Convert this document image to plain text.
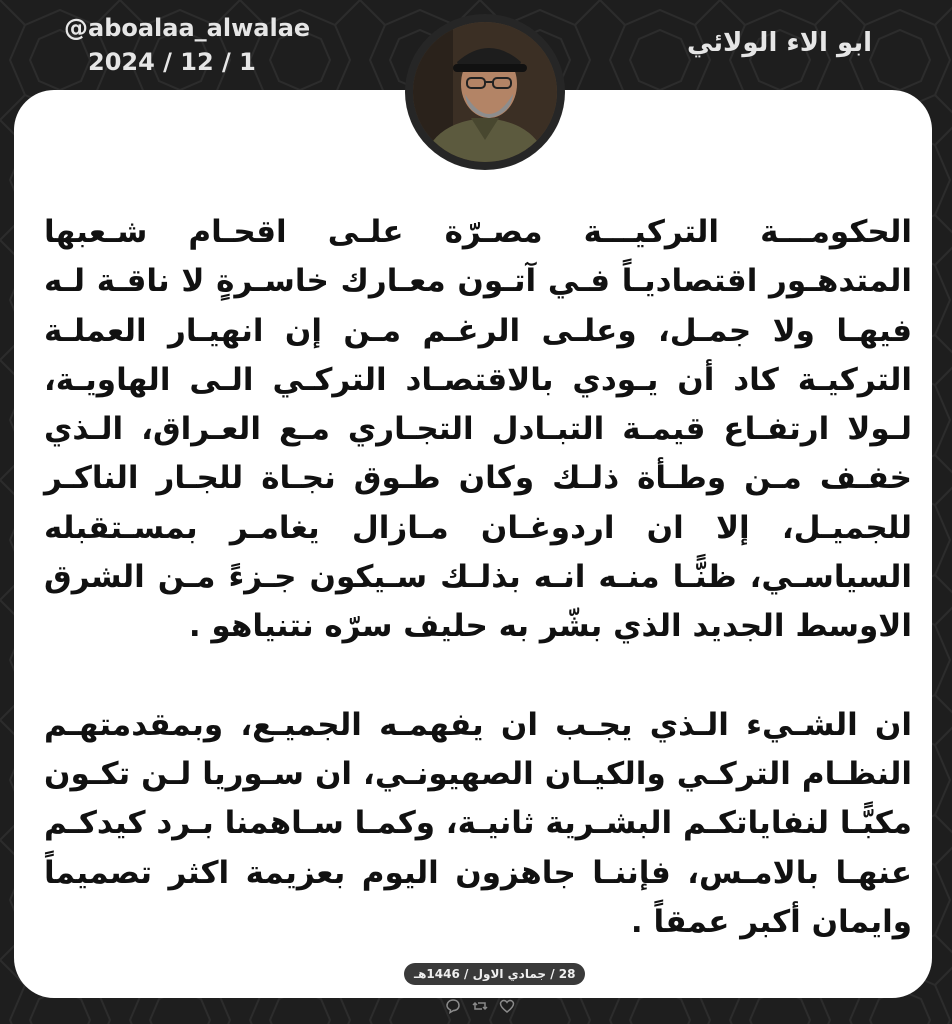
@aboalaa_alwalae
2024 / 12 / 1
ابو الاء الولائي

الحكومـــة التركيـــة مصـرّة علـى اقحـام شـعبها المتدهـور اقتصاديـاً فـي آتـون معـارك خاسـرةٍ لا ناقـة لـه فيهـا ولا جمـل، وعلـى الرغـم مـن إن انهيـار العملـة التركيـة كاد أن يـودي بالاقتصـاد التركـي الـى الهاويـة، لـولا ارتفـاع قيمـة التبـادل التجـاري مـع العـراق، الـذي خفـف مـن وطـأة ذلـك وكان طـوق نجـاة للجـار الناكـر للجميـل، إلا ان اردوغـان مـازال يغامـر بمسـتقبله السياسـي، ظنًّـا منـه انـه بذلـك سـيكون جـزءً مـن الشرق الاوسط الجديد الذي بشّر به حليف سرّه نتنياهو .

ان الشـيء الـذي يجـب ان يفهمـه الجميـع، وبمقدمتهـم النظـام التركـي والكيـان الصهيونـي، ان سـوريا لـن تكـون مكبًّـا لنفاياتكـم البشـرية ثانيـة، وكمـا سـاهمنا بـرد كيدكـم عنهـا بالامـس، فإننـا جاهزون اليوم بعزيمة اكثر تصميماً وايمان أكبر عمقاً .

28 / جمادي الاول / 1446هـ
